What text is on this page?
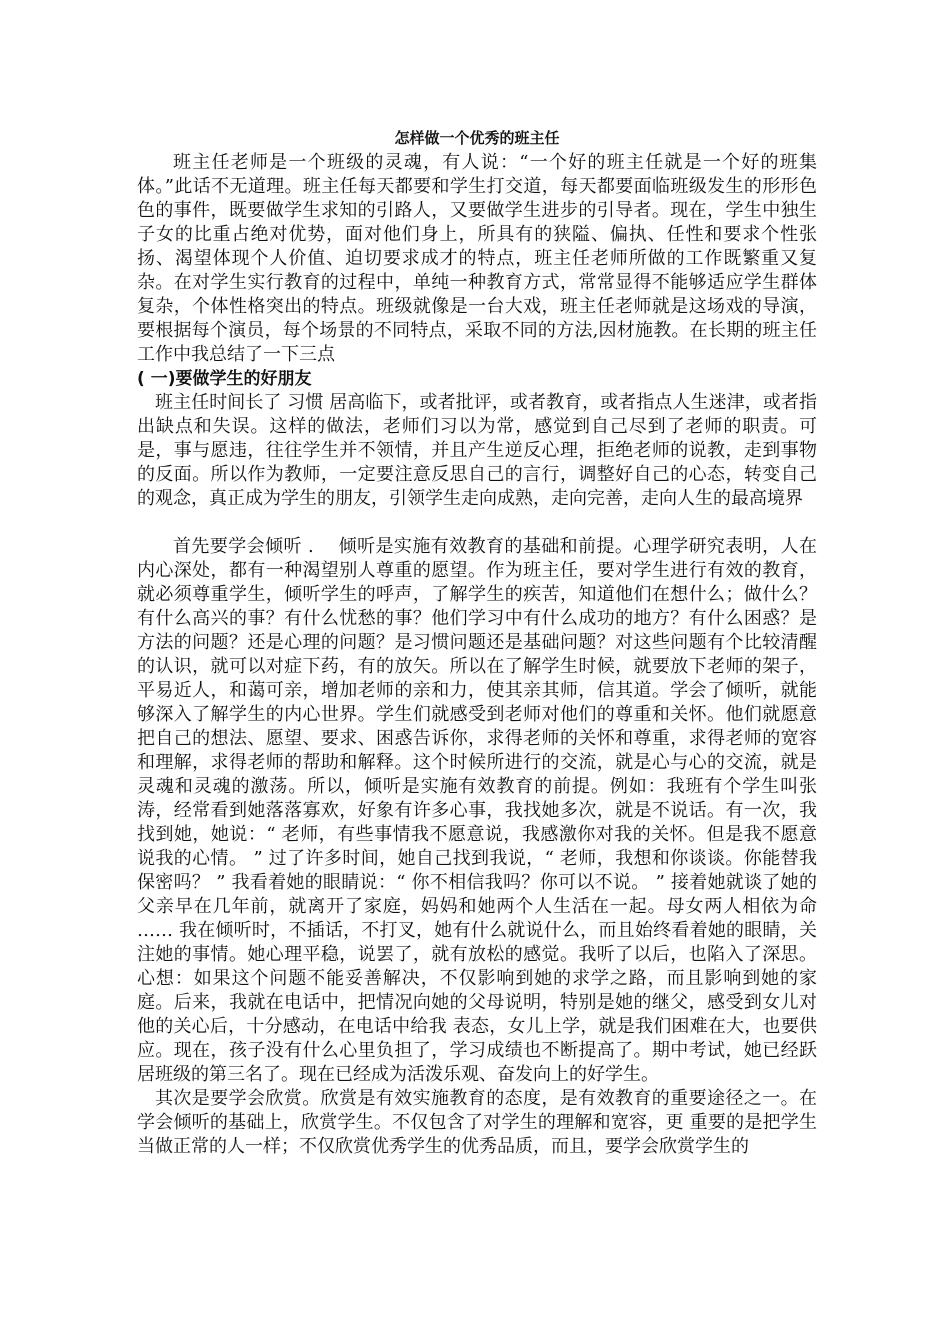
怎样做一个优秀的班主任

班主任老师是一个班级的灵魂，有人说：“一个好的班主任就是一个好的班集体。”此话不无道理。班主任每天都要和学生打交道，每天都要面临班级发生的形形色色的事件，既要做学生求知的引路人，又要做学生进步的引导者。现在，学生中独生子女的比重占绝对优势，面对他们身上，所具有的狭隘、偏执、任性和要求个性张扬、渴望体现个人价值、迫切要求成才的特点，班主任老师所做的工作既繁重又复杂。在对学生实行教育的过程中，单纯一种教育方式，常常显得不能够适应学生群体复杂，个体性格突出的特点。班级就像是一台大戏，班主任老师就是这场戏的导演，要根据每个演员，每个场景的不同特点，采取不同的方法,因材施教。在长期的班主任工作中我总结了一下三点

( 一)要做学生的好朋友

班主任时间长了 习惯 居高临下，或者批评，或者教育，或者指点人生迷津，或者指出缺点和失误。这样的做法，老师们习以为常，感觉到自己尽到了老师的职责。可是，事与愿违，往往学生并不领情，并且产生逆反心理，拒绝老师的说教，走到事物的反面。所以作为教师，一定要注意反思自己的言行，调整好自己的心态，转变自己的观念，真正成为学生的朋友，引领学生走向成熟，走向完善，走向人生的最高境界

首先要学会倾听 .　 倾听是实施有效教育的基础和前提。心理学研究表明，人在内心深处，都有一种渴望别人尊重的愿望。作为班主任，要对学生进行有效的教育，就必须尊重学生，倾听学生的呼声，了解学生的疾苦，知道他们在想什么；做什么？有什么高兴的事？有什么忧愁的事？他们学习中有什么成功的地方？有什么困惑？是方法的问题？还是心理的问题？是习惯问题还是基础问题？对这些问题有个比较清醒的认识，就可以对症下药，有的放矢。所以在了解学生时候，就要放下老师的架子，平易近人，和蔼可亲，增加老师的亲和力，使其亲其师，信其道。学会了倾听，就能够深入了解学生的内心世界。学生们就感受到老师对他们的尊重和关怀。他们就愿意把自己的想法、愿望、要求、困惑告诉你，求得老师的关怀和尊重，求得老师的宽容和理解，求得老师的帮助和解释。这个时候所进行的交流，就是心与心的交流，就是灵魂和灵魂的激荡。所以，倾听是实施有效教育的前提。例如：我班有个学生叫张涛，经常看到她落落寡欢，好象有许多心事，我找她多次，就是不说话。有一次，我找到她，她说：“ 老师，有些事情我不愿意说，我感激你对我的关怀。但是我不愿意说我的心情。 ” 过了许多时间，她自己找到我说，“ 老师，我想和你谈谈。你能替我保密吗？ ” 我看着她的眼睛说：“ 你不相信我吗？你可以不说。 ” 接着她就谈了她的父亲早在几年前，就离开了家庭，妈妈和她两个人生活在一起。母女两人相依为命 …… 我在倾听时，不插话，不打叉，她有什么就说什么，而且始终看着她的眼睛，关注她的事情。她心理平稳，说罢了，就有放松的感觉。我听了以后，也陷入了深思。心想：如果这个问题不能妥善解决，不仅影响到她的求学之路，而且影响到她的家庭。后来，我就在电话中，把情况向她的父母说明，特别是她的继父，感受到女儿对他的关心后，十分感动，在电话中给我 表态，女儿上学，就是我们困难在大，也要供应。现在，孩子没有什么心里负担了，学习成绩也不断提高了。期中考试，她已经跃居班级的第三名了。现在已经成为活泼乐观、奋发向上的好学生。

其次是要学会欣赏。欣赏是有效实施教育的态度，是有效教育的重要途径之一。在学会倾听的基础上，欣赏学生。不仅包含了对学生的理解和宽容，更 重要的是把学生当做正常的人一样；不仅欣赏优秀学生的优秀品质，而且，要学会欣赏学生的
